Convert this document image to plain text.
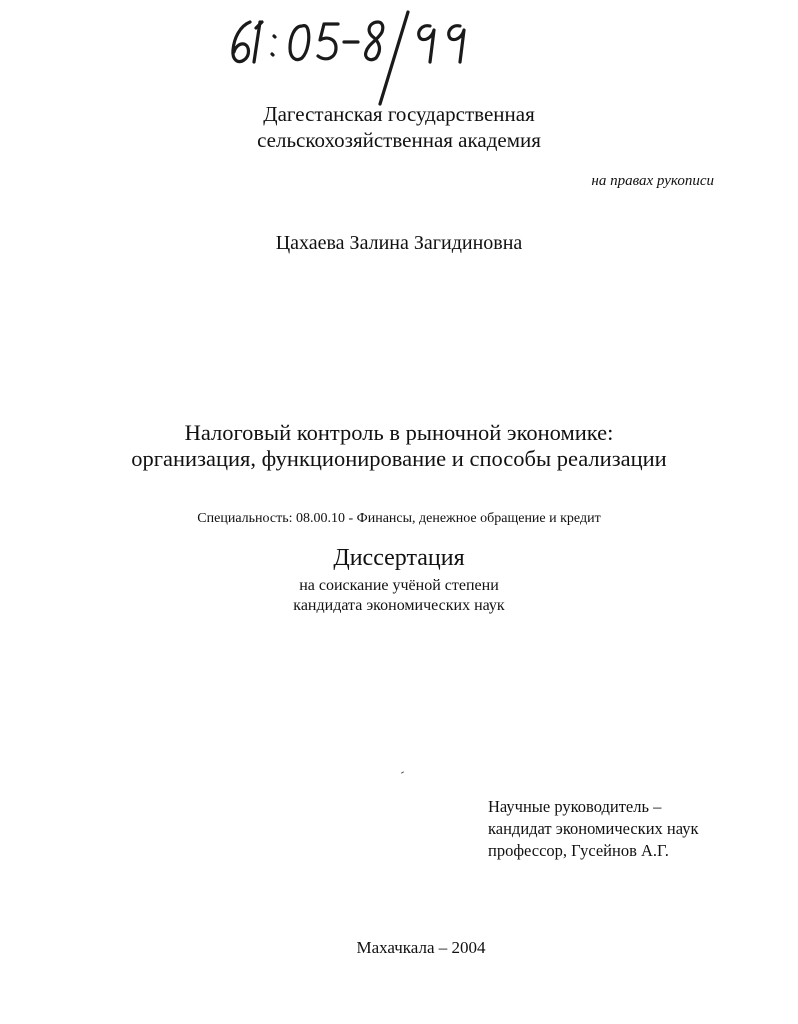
Дагестанская государственная
сельскохозяйственная академия
на правах рукописи
Цахаева Залина Загидиновна
Налоговый контроль в рыночной экономике:
организация, функционирование и способы реализации
Специальность: 08.00.10 - Финансы, денежное обращение и кредит
Диссертация
на соискание учёной степени
кандидата экономических наук
Научные руководитель –
кандидат экономических наук
профессор, Гусейнов А.Г.
Махачкала – 2004
